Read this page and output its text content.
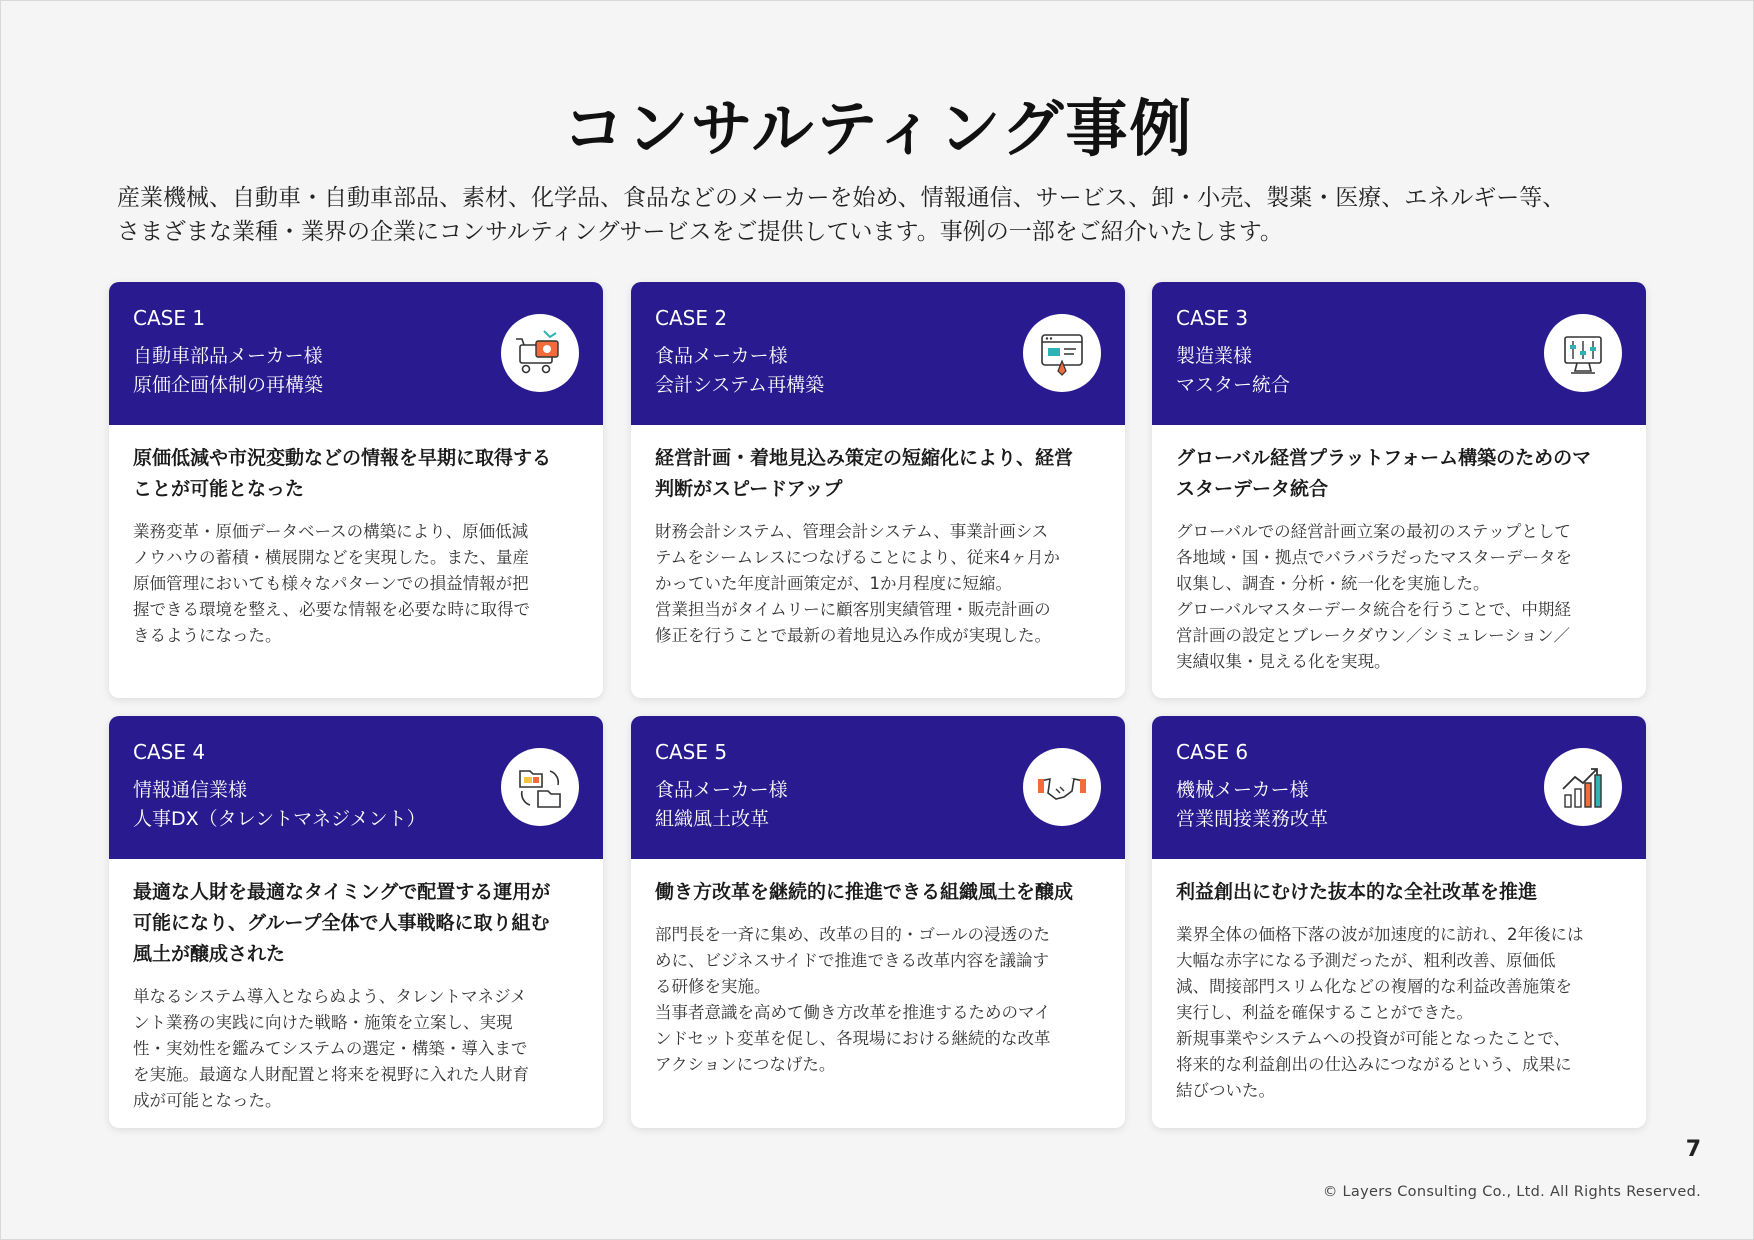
コンサルティング事例
産業機械、自動車・自動車部品、素材、化学品、食品などのメーカーを始め、情報通信、サービス、卸・小売、製薬・医療、エネルギー等、
さまざまな業種・業界の企業にコンサルティングサービスをご提供しています。事例の一部をご紹介いたします。
CASE 1
自動車部品メーカー様
原価企画体制の再構築
原価低減や市況変動などの情報を早期に取得する
ことが可能となった
業務変革・原価データベースの構築により、原価低減
ノウハウの蓄積・横展開などを実現した。また、量産
原価管理においても様々なパターンでの損益情報が把
握できる環境を整え、必要な情報を必要な時に取得で
きるようになった。
CASE 2
食品メーカー様
会計システム再構築
経営計画・着地見込み策定の短縮化により、経営
判断がスピードアップ
財務会計システム、管理会計システム、事業計画シス
テムをシームレスにつなげることにより、従来4ヶ月か
かっていた年度計画策定が、1か月程度に短縮。
営業担当がタイムリーに顧客別実績管理・販売計画の
修正を行うことで最新の着地見込み作成が実現した。
CASE 3
製造業様
マスター統合
グローバル経営プラットフォーム構築のためのマ
スターデータ統合
グローバルでの経営計画立案の最初のステップとして
各地域・国・拠点でバラバラだったマスターデータを
収集し、調査・分析・統一化を実施した。
グローバルマスターデータ統合を行うことで、中期経
営計画の設定とブレークダウン／シミュレーション／
実績収集・見える化を実現。
CASE 4
情報通信業様
人事DX（タレントマネジメント）
最適な人財を最適なタイミングで配置する運用が
可能になり、グループ全体で人事戦略に取り組む
風土が醸成された
単なるシステム導入とならぬよう、タレントマネジメ
ント業務の実践に向けた戦略・施策を立案し、実現
性・実効性を鑑みてシステムの選定・構築・導入まで
を実施。最適な人財配置と将来を視野に入れた人財育
成が可能となった。
CASE 5
食品メーカー様
組織風土改革
働き方改革を継続的に推進できる組織風土を醸成
部門長を一斉に集め、改革の目的・ゴールの浸透のた
めに、ビジネスサイドで推進できる改革内容を議論す
る研修を実施。
当事者意識を高めて働き方改革を推進するためのマイ
ンドセット変革を促し、各現場における継続的な改革
アクションにつなげた。
CASE 6
機械メーカー様
営業間接業務改革
利益創出にむけた抜本的な全社改革を推進
業界全体の価格下落の波が加速度的に訪れ、2年後には
大幅な赤字になる予測だったが、粗利改善、原価低
減、間接部門スリム化などの複層的な利益改善施策を
実行し、利益を確保することができた。
新規事業やシステムへの投資が可能となったことで、
将来的な利益創出の仕込みにつながるという、成果に
結びついた。
7
© Layers Consulting Co., Ltd. All Rights Reserved.
